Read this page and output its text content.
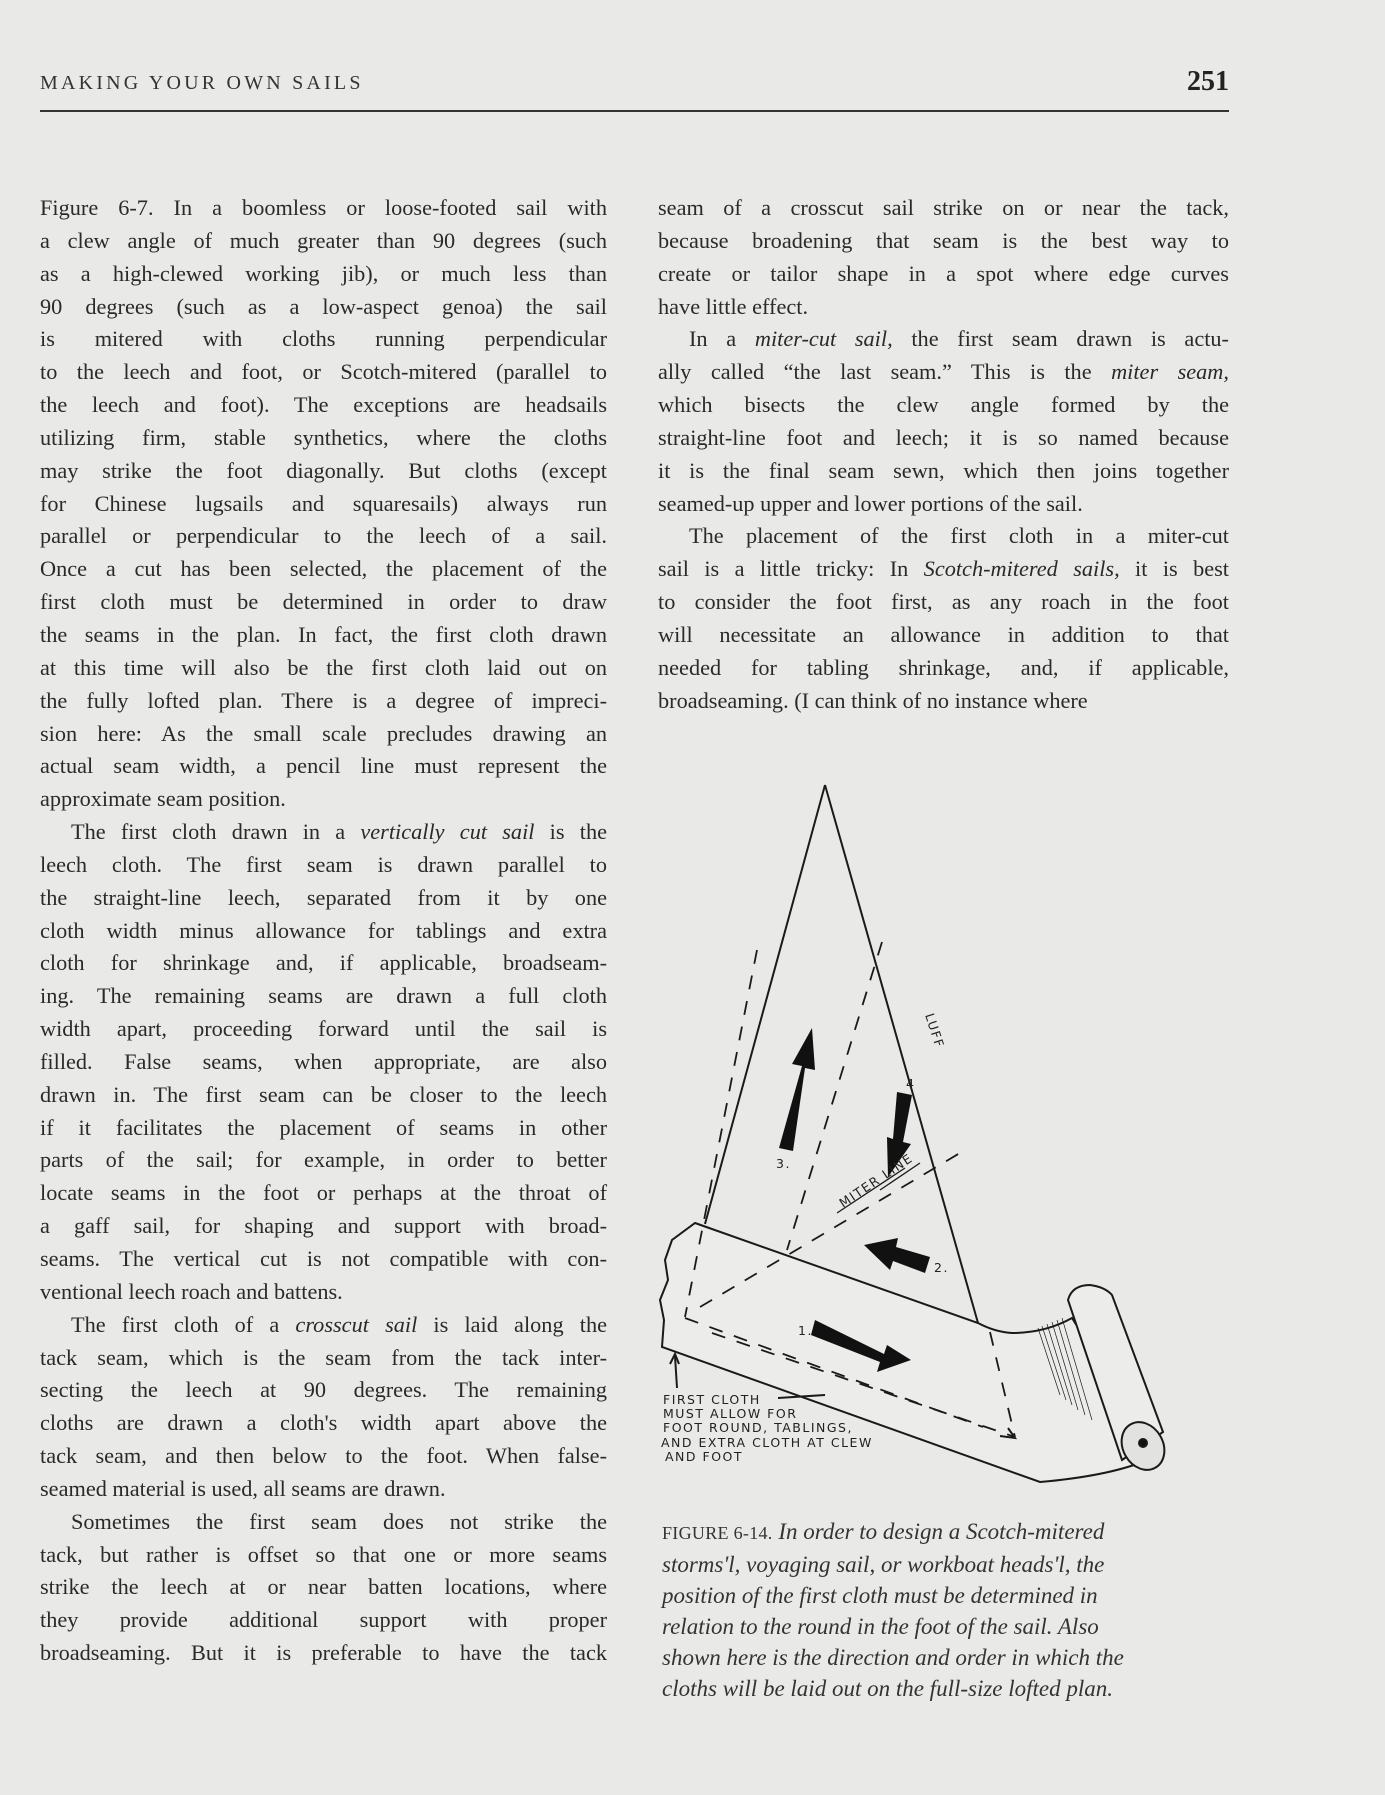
MAKING YOUR OWN SAILS	251
Figure 6-7. In a boomless or loose-footed sail with
a clew angle of much greater than 90 degrees (such
as a high-clewed working jib), or much less than
90 degrees (such as a low-aspect genoa) the sail
is mitered with cloths running perpendicular
to the leech and foot, or Scotch-mitered (parallel to
the leech and foot). The exceptions are headsails
utilizing firm, stable synthetics, where the cloths
may strike the foot diagonally. But cloths (except
for Chinese lugsails and squaresails) always run
parallel or perpendicular to the leech of a sail.
Once a cut has been selected, the placement of the
first cloth must be determined in order to draw
the seams in the plan. In fact, the first cloth drawn
at this time will also be the first cloth laid out on
the fully lofted plan. There is a degree of impreci-
sion here: As the small scale precludes drawing an
actual seam width, a pencil line must represent the
approximate seam position.
The first cloth drawn in a vertically cut sail is the
leech cloth. The first seam is drawn parallel to
the straight-line leech, separated from it by one
cloth width minus allowance for tablings and extra
cloth for shrinkage and, if applicable, broadseam-
ing. The remaining seams are drawn a full cloth
width apart, proceeding forward until the sail is
filled. False seams, when appropriate, are also
drawn in. The first seam can be closer to the leech
if it facilitates the placement of seams in other
parts of the sail; for example, in order to better
locate seams in the foot or perhaps at the throat of
a gaff sail, for shaping and support with broad-
seams. The vertical cut is not compatible with con-
ventional leech roach and battens.
The first cloth of a crosscut sail is laid along the
tack seam, which is the seam from the tack inter-
secting the leech at 90 degrees. The remaining
cloths are drawn a cloth's width apart above the
tack seam, and then below to the foot. When false-
seamed material is used, all seams are drawn.
Sometimes the first seam does not strike the
tack, but rather is offset so that one or more seams
strike the leech at or near batten locations, where
they provide additional support with proper
broadseaming. But it is preferable to have the tack
seam of a crosscut sail strike on or near the tack,
because broadening that seam is the best way to
create or tailor shape in a spot where edge curves
have little effect.
In a miter-cut sail, the first seam drawn is actu-
ally called “the last seam.” This is the miter seam,
which bisects the clew angle formed by the
straight-line foot and leech; it is so named because
it is the final seam sewn, which then joins together
seamed-up upper and lower portions of the sail.
The placement of the first cloth in a miter-cut
sail is a little tricky: In Scotch-mitered sails, it is best
to consider the foot first, as any roach in the foot
will necessitate an allowance in addition to that
needed for tabling shrinkage, and, if applicable,
broadseaming. (I can think of no instance where
LUFF
MITER LINE
1.
2.
3.
4
FIRST CLOTH
MUST ALLOW FOR
FOOT ROUND, TABLINGS,
AND EXTRA CLOTH AT CLEW
AND FOOT
FIGURE 6-14. In order to design a Scotch-mitered
storms'l, voyaging sail, or workboat heads'l, the
position of the first cloth must be determined in
relation to the round in the foot of the sail. Also
shown here is the direction and order in which the
cloths will be laid out on the full-size lofted plan.
